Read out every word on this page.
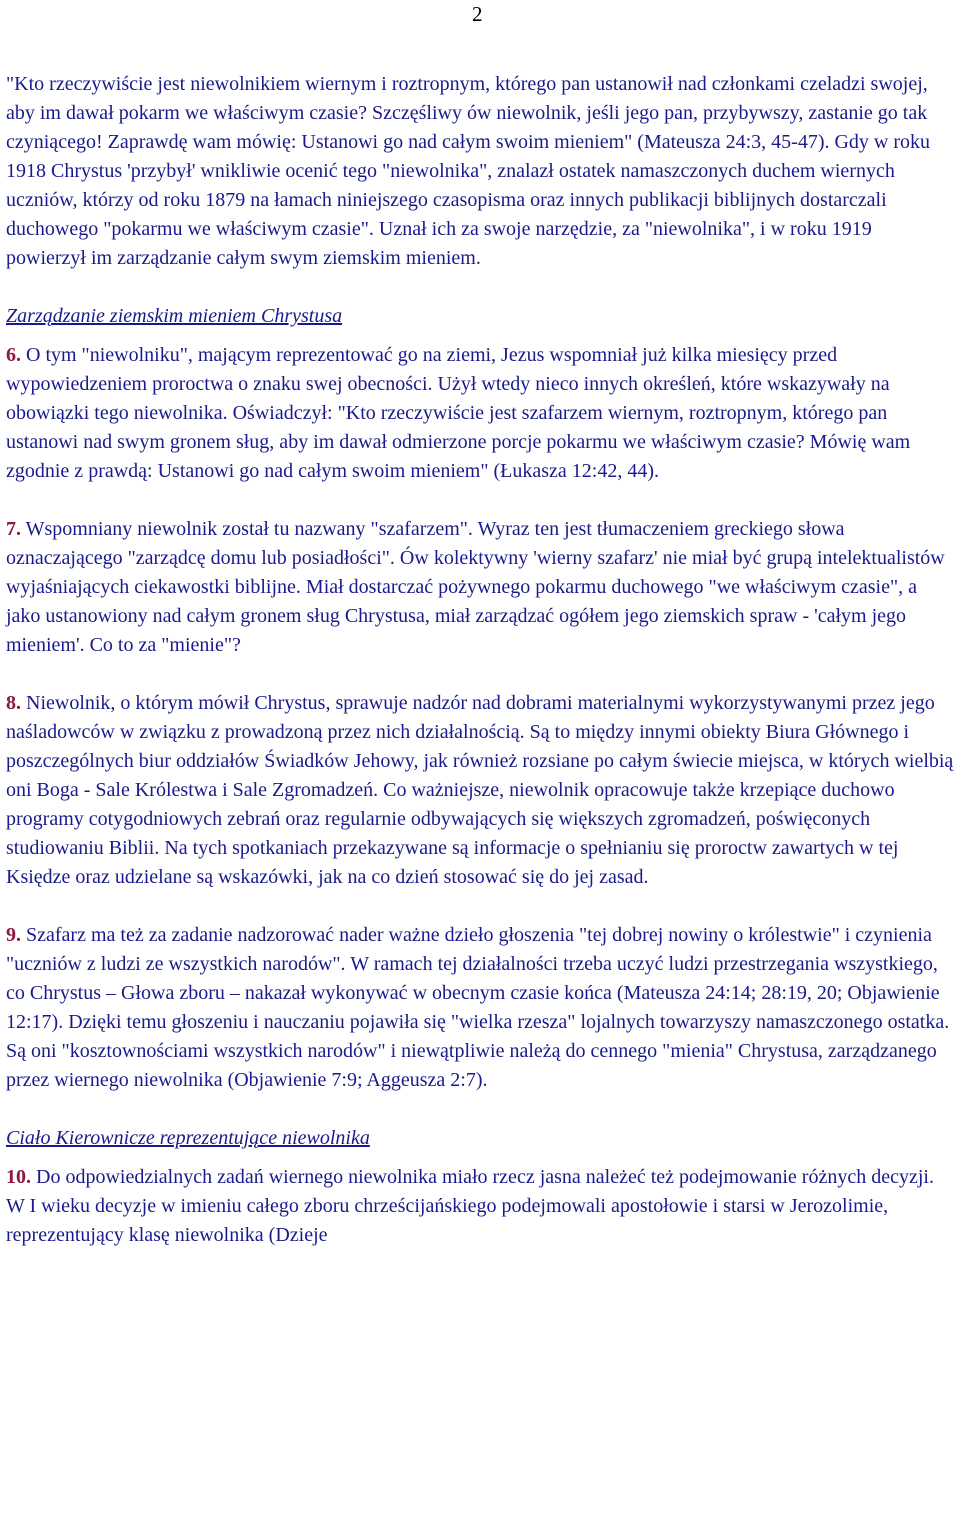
2

"Kto rzeczywiście jest niewolnikiem wiernym i roztropnym, którego pan ustanowił nad członkami czeladzi swojej, aby im dawał pokarm we właściwym czasie? Szczęśliwy ów niewolnik, jeśli jego pan, przybywszy, zastanie go tak czyniącego! Zaprawdę wam mówię: Ustanowi go nad całym swoim mieniem" (Mateusza 24:3, 45-47). Gdy w roku 1918 Chrystus 'przybył' wnikliwie ocenić tego "niewolnika", znalazł ostatek namaszczonych duchem wiernych uczniów, którzy od roku 1879 na łamach niniejszego czasopisma oraz innych publikacji biblijnych dostarczali duchowego "pokarmu we właściwym czasie". Uznał ich za swoje narzędzie, za "niewolnika", i w roku 1919 powierzył im zarządzanie całym swym ziemskim mieniem.

Zarządzanie ziemskim mieniem Chrystusa

6. O tym "niewolniku", mającym reprezentować go na ziemi, Jezus wspomniał już kilka miesięcy przed wypowiedzeniem proroctwa o znaku swej obecności. Użył wtedy nieco innych określeń, które wskazywały na obowiązki tego niewolnika. Oświadczył: "Kto rzeczywiście jest szafarzem wiernym, roztropnym, którego pan ustanowi nad swym gronem sług, aby im dawał odmierzone porcje pokarmu we właściwym czasie? Mówię wam zgodnie z prawdą: Ustanowi go nad całym swoim mieniem" (Łukasza 12:42, 44).

7. Wspomniany niewolnik został tu nazwany "szafarzem". Wyraz ten jest tłumaczeniem greckiego słowa oznaczającego "zarządcę domu lub posiadłości". Ów kolektywny 'wierny szafarz' nie miał być grupą intelektualistów wyjaśniających ciekawostki biblijne. Miał dostarczać pożywnego pokarmu duchowego "we właściwym czasie", a jako ustanowiony nad całym gronem sług Chrystusa, miał zarządzać ogółem jego ziemskich spraw - 'całym jego mieniem'. Co to za "mienie"?

8. Niewolnik, o którym mówił Chrystus, sprawuje nadzór nad dobrami materialnymi wykorzystywanymi przez jego naśladowców w związku z prowadzoną przez nich działalnością. Są to między innymi obiekty Biura Głównego i poszczególnych biur oddziałów Świadków Jehowy, jak również rozsiane po całym świecie miejsca, w których wielbią oni Boga - Sale Królestwa i Sale Zgromadzeń. Co ważniejsze, niewolnik opracowuje także krzepiące duchowo programy cotygodniowych zebrań oraz regularnie odbywających się większych zgromadzeń, poświęconych studiowaniu Biblii. Na tych spotkaniach przekazywane są informacje o spełnianiu się proroctw zawartych w tej Księdze oraz udzielane są wskazówki, jak na co dzień stosować się do jej zasad.

9. Szafarz ma też za zadanie nadzorować nader ważne dzieło głoszenia "tej dobrej nowiny o królestwie" i czynienia "uczniów z ludzi ze wszystkich narodów". W ramach tej działalności trzeba uczyć ludzi przestrzegania wszystkiego, co Chrystus – Głowa zboru – nakazał wykonywać w obecnym czasie końca (Mateusza 24:14; 28:19, 20; Objawienie 12:17). Dzięki temu głoszeniu i nauczaniu pojawiła się "wielka rzesza" lojalnych towarzyszy namaszczonego ostatka. Są oni "kosztownościami wszystkich narodów" i niewątpliwie należą do cennego "mienia" Chrystusa, zarządzanego przez wiernego niewolnika (Objawienie 7:9; Aggeusza 2:7).

Ciało Kierownicze reprezentujące niewolnika

10. Do odpowiedzialnych zadań wiernego niewolnika miało rzecz jasna należeć też podejmowanie różnych decyzji. W I wieku decyzje w imieniu całego zboru chrześcijańskiego podejmowali apostołowie i starsi w Jerozolimie, reprezentujący klasę niewolnika (Dzieje
